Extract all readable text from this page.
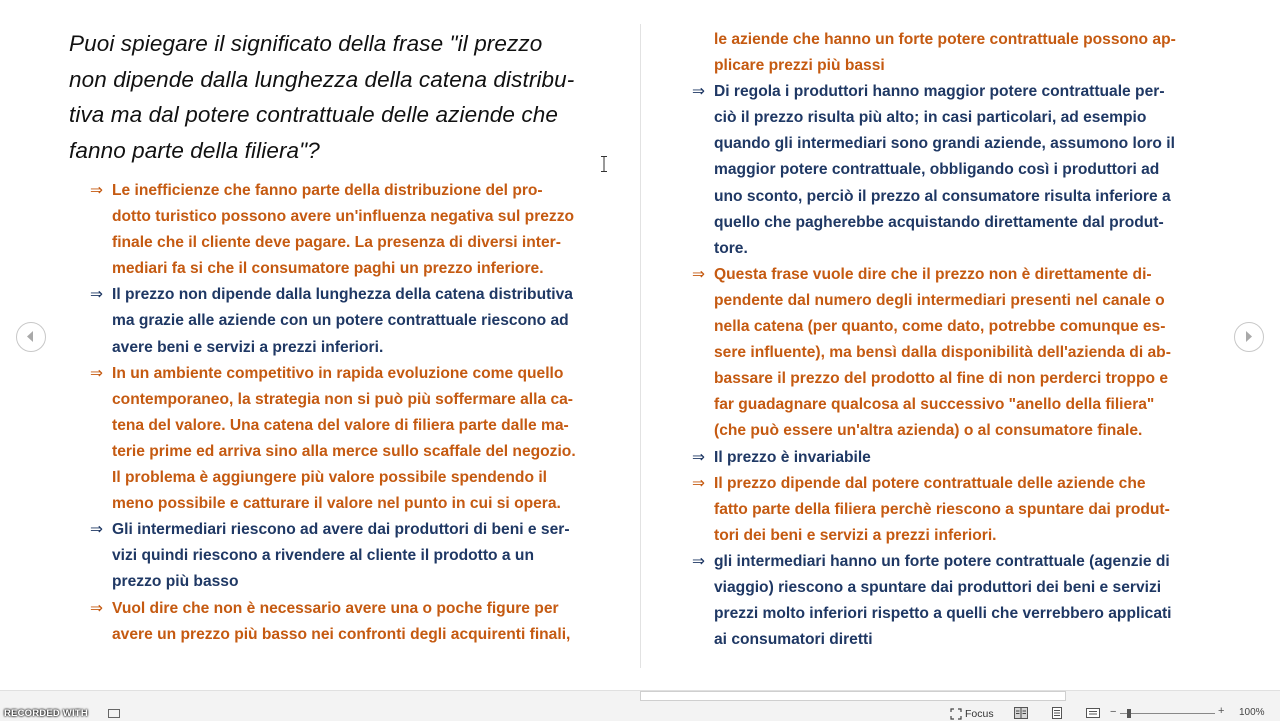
Puoi spiegare il significato della frase "il prezzo
non dipende dalla lunghezza della catena distribu-
tiva ma dal potere contrattuale delle aziende che
fanno parte della filiera"?
⇒ Le inefficienze che fanno parte della distribuzione del pro-
dotto turistico possono avere un'influenza negativa sul prezzo
finale che il cliente deve pagare. La presenza di diversi inter-
mediari fa si che il consumatore paghi un prezzo inferiore.
⇒ Il prezzo non dipende dalla lunghezza della catena distributiva
ma grazie alle aziende con un potere contrattuale riescono ad
avere beni e servizi a prezzi inferiori.
⇒ In un ambiente competitivo in rapida evoluzione come quello
contemporaneo, la strategia non si può più soffermare alla ca-
tena del valore. Una catena del valore di filiera parte dalle ma-
terie prime ed arriva sino alla merce sullo scaffale del negozio.
Il problema è aggiungere più valore possibile spendendo il
meno possibile e catturare il valore nel punto in cui si opera.
⇒ Gli intermediari riescono ad avere dai produttori di beni e ser-
vizi quindi riescono a rivendere al cliente il prodotto a un
prezzo più basso
⇒ Vuol dire che non è necessario avere una o poche figure per
avere un prezzo più basso nei confronti degli acquirenti finali,
le aziende che hanno un forte potere contrattuale possono ap-
plicare prezzi più bassi
⇒ Di regola i produttori hanno maggior potere contrattuale per-
ciò il prezzo risulta più alto; in casi particolari, ad esempio
quando gli intermediari sono grandi aziende, assumono loro il
maggior potere contrattuale, obbligando così i produttori ad
uno sconto, perciò il prezzo al consumatore risulta inferiore a
quello che pagherebbe acquistando direttamente dal produt-
tore.
⇒ Questa frase vuole dire che il prezzo non è direttamente di-
pendente dal numero degli intermediari presenti nel canale o
nella catena (per quanto, come dato, potrebbe comunque es-
sere influente), ma bensì dalla disponibilità dell'azienda di ab-
bassare il prezzo del prodotto al fine di non perderci troppo e
far guadagnare qualcosa al successivo "anello della filiera"
(che può essere un'altra azienda) o al consumatore finale.
⇒ Il prezzo è invariabile
⇒ Il prezzo dipende dal potere contrattuale delle aziende che
fatto parte della filiera perchè riescono a spuntare dai produt-
tori dei beni e servizi a prezzi inferiori.
⇒ gli intermediari hanno un forte potere contrattuale (agenzie di
viaggio) riescono a spuntare dai produttori dei beni e servizi
prezzi molto inferiori rispetto a quelli che verrebbero applicati
ai consumatori diretti
RECORDED WITH	Focus	−	+ 100%
